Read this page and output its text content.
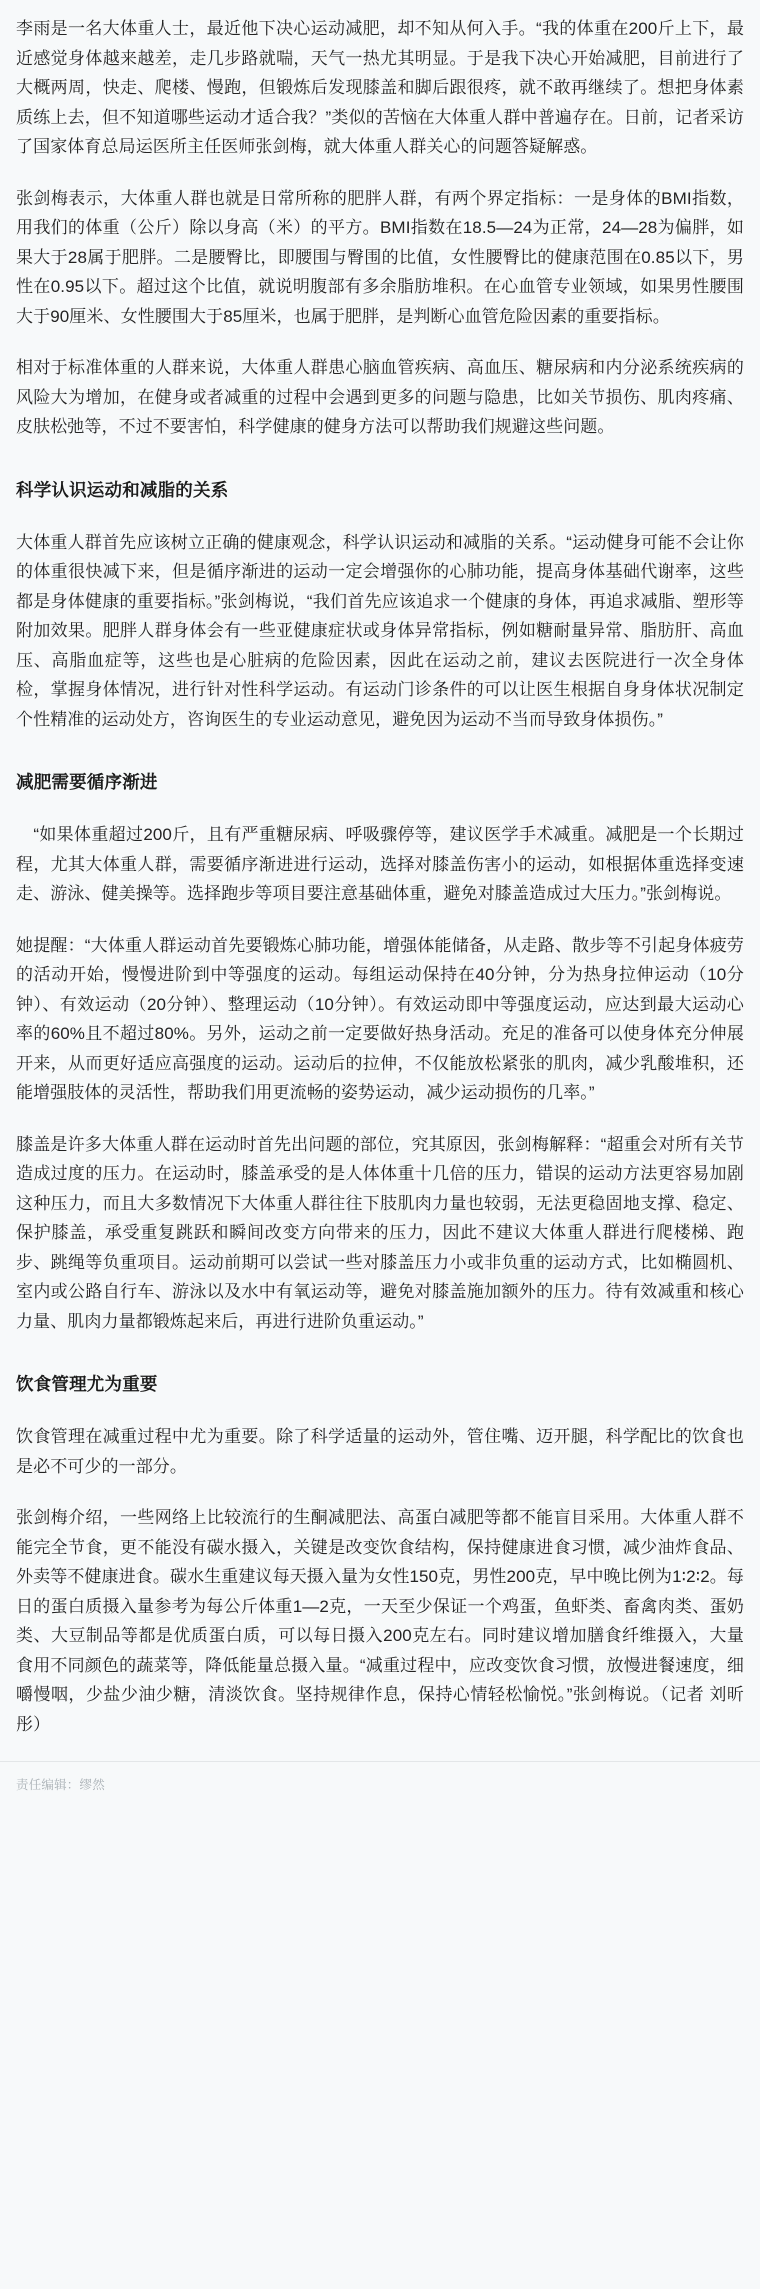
李雨是一名大体重人士，最近他下决心运动减肥，却不知从何入手。“我的体重在200斤上下，最近感觉身体越来越差，走几步路就喘，天气一热尤其明显。于是我下决心开始减肥，目前进行了大概两周，快走、爬楼、慢跑，但锻炼后发现膝盖和脚后跟很疼，就不敢再继续了。想把身体素质练上去，但不知道哪些运动才适合我？”类似的苦恼在大体重人群中普遍存在。日前，记者采访了国家体育总局运医所主任医师张剑梅，就大体重人群关心的问题答疑解惑。

张剑梅表示，大体重人群也就是日常所称的肥胖人群，有两个界定指标：一是身体的BMI指数，用我们的体重（公斤）除以身高（米）的平方。BMI指数在18.5—24为正常，24—28为偏胖，如果大于28属于肥胖。二是腰臀比，即腰围与臀围的比值，女性腰臀比的健康范围在0.85以下，男性在0.95以下。超过这个比值，就说明腹部有多余脂肪堆积。在心血管专业领域，如果男性腰围大于90厘米、女性腰围大于85厘米，也属于肥胖，是判断心血管危险因素的重要指标。

相对于标准体重的人群来说，大体重人群患心脑血管疾病、高血压、糖尿病和内分泌系统疾病的风险大为增加，在健身或者减重的过程中会遇到更多的问题与隐患，比如关节损伤、肌肉疼痛、皮肤松弛等，不过不要害怕，科学健康的健身方法可以帮助我们规避这些问题。

科学认识运动和减脂的关系

大体重人群首先应该树立正确的健康观念，科学认识运动和减脂的关系。“运动健身可能不会让你的体重很快减下来，但是循序渐进的运动一定会增强你的心肺功能，提高身体基础代谢率，这些都是身体健康的重要指标。”张剑梅说，“我们首先应该追求一个健康的身体，再追求减脂、塑形等附加效果。肥胖人群身体会有一些亚健康症状或身体异常指标，例如糖耐量异常、脂肪肝、高血压、高脂血症等，这些也是心脏病的危险因素，因此在运动之前，建议去医院进行一次全身体检，掌握身体情况，进行针对性科学运动。有运动门诊条件的可以让医生根据自身身体状况制定个性精准的运动处方，咨询医生的专业运动意见，避免因为运动不当而导致身体损伤。”

减肥需要循序渐进

　“如果体重超过200斤，且有严重糖尿病、呼吸骤停等，建议医学手术减重。减肥是一个长期过程，尤其大体重人群，需要循序渐进进行运动，选择对膝盖伤害小的运动，如根据体重选择变速走、游泳、健美操等。选择跑步等项目要注意基础体重，避免对膝盖造成过大压力。”张剑梅说。

她提醒：“大体重人群运动首先要锻炼心肺功能，增强体能储备，从走路、散步等不引起身体疲劳的活动开始，慢慢进阶到中等强度的运动。每组运动保持在40分钟，分为热身拉伸运动（10分钟）、有效运动（20分钟）、整理运动（10分钟）。有效运动即中等强度运动，应达到最大运动心率的60%且不超过80%。另外，运动之前一定要做好热身活动。充足的准备可以使身体充分伸展开来，从而更好适应高强度的运动。运动后的拉伸，不仅能放松紧张的肌肉，减少乳酸堆积，还能增强肢体的灵活性，帮助我们用更流畅的姿势运动，减少运动损伤的几率。”

膝盖是许多大体重人群在运动时首先出问题的部位，究其原因，张剑梅解释：“超重会对所有关节造成过度的压力。在运动时，膝盖承受的是人体体重十几倍的压力，错误的运动方法更容易加剧这种压力，而且大多数情况下大体重人群往往下肢肌肉力量也较弱，无法更稳固地支撑、稳定、保护膝盖，承受重复跳跃和瞬间改变方向带来的压力，因此不建议大体重人群进行爬楼梯、跑步、跳绳等负重项目。运动前期可以尝试一些对膝盖压力小或非负重的运动方式，比如椭圆机、室内或公路自行车、游泳以及水中有氧运动等，避免对膝盖施加额外的压力。待有效减重和核心力量、肌肉力量都锻炼起来后，再进行进阶负重运动。”

饮食管理尤为重要

饮食管理在减重过程中尤为重要。除了科学适量的运动外，管住嘴、迈开腿，科学配比的饮食也是必不可少的一部分。

张剑梅介绍，一些网络上比较流行的生酮减肥法、高蛋白减肥等都不能盲目采用。大体重人群不能完全节食，更不能没有碳水摄入，关键是改变饮食结构，保持健康进食习惯，减少油炸食品、外卖等不健康进食。碳水生重建议每天摄入量为女性150克，男性200克，早中晚比例为1∶2∶2。每日的蛋白质摄入量参考为每公斤体重1—2克，一天至少保证一个鸡蛋，鱼虾类、畜禽肉类、蛋奶类、大豆制品等都是优质蛋白质，可以每日摄入200克左右。同时建议增加膳食纤维摄入，大量食用不同颜色的蔬菜等，降低能量总摄入量。“减重过程中，应改变饮食习惯，放慢进餐速度，细嚼慢咽，少盐少油少糖，清淡饮食。坚持规律作息，保持心情轻松愉悦。”张剑梅说。（记者 刘昕彤）

责任编辑：缪然
